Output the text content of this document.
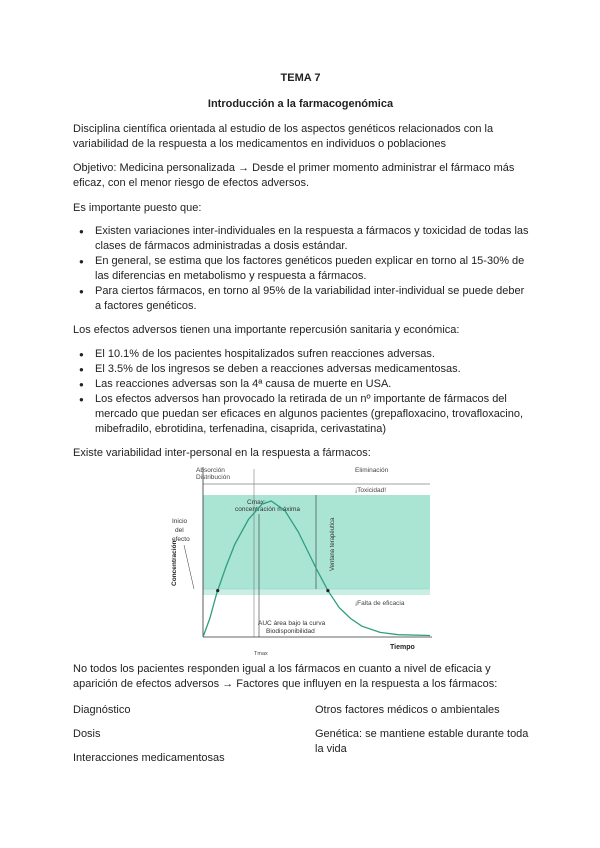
TEMA 7
Introducción a la farmacogenómica
Disciplina científica orientada al estudio de los aspectos genéticos relacionados con la variabilidad de la respuesta a los medicamentos en individuos o poblaciones
Objetivo: Medicina personalizada → Desde el primer momento administrar el fármaco más eficaz, con el menor riesgo de efectos adversos.
Es importante puesto que:
● Existen variaciones inter-individuales en la respuesta a fármacos y toxicidad de todas las clases de fármacos administradas a dosis estándar.
● En general, se estima que los factores genéticos pueden explicar en torno al 15-30% de las diferencias en metabolismo y respuesta a fármacos.
● Para ciertos fármacos, en torno al 95% de la variabilidad inter-individual se puede deber a factores genéticos.
Los efectos adversos tienen una importante repercusión sanitaria y económica:
● El 10.1% de los pacientes hospitalizados sufren reacciones adversas.
● El 3.5% de los ingresos se deben a reacciones adversas medicamentosas.
● Las reacciones adversas son la 4ª causa de muerte en USA.
● Los efectos adversos han provocado la retirada de un nº importante de fármacos del mercado que puedan ser eficaces en algunos pacientes (grepafloxacino, trovafloxacino, mibefradilo, ebrotidina, terfenadina, cisaprida, cerivastatina)
Existe variabilidad inter-personal en la respuesta a fármacos:
Absorción
Distribución
Eliminación
¡Toxicidad!
Cmax:
concentración máxima
Inicio
del
efecto	Ventana terapéutica
¡Falta de eficacia
AUC área bajo la curva
Biodisponibilidad
Concentración
Tiempo
Tmax
No todos los pacientes responden igual a los fármacos en cuanto a nivel de eficacia y aparición de efectos adversos → Factores que influyen en la respuesta a los fármacos:
Diagnóstico
Dosis
Interacciones medicamentosas
Otros factores médicos o ambientales
Genética: se mantiene estable durante toda la vida
